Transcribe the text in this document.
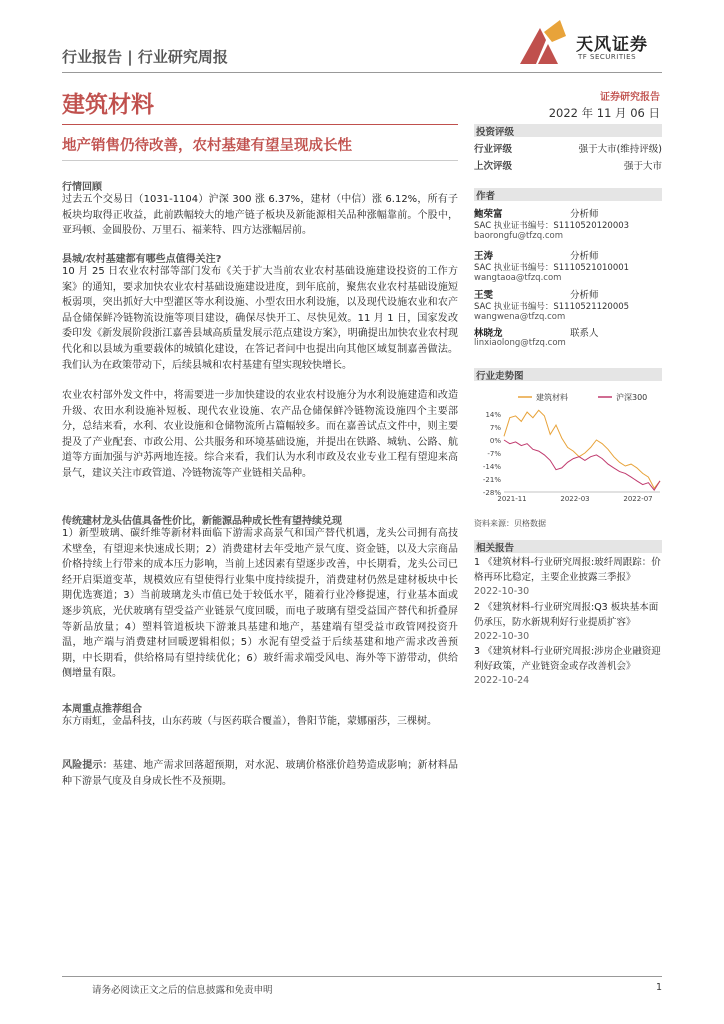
天风证券
TF SECURITIES
行业报告 | 行业研究周报
建筑材料	证券研究报告
2022 年 11 月 06 日
地产销售仍待改善，农村基建有望呈现成长性
投资评级
行业评级	强于大市(维持评级)
上次评级	强于大市
作者
鲍荣富	分析师
SAC 执业证书编号：S1110520120003
baorongfu@tfzq.com
王涛	分析师
SAC 执业证书编号：S1110521010001
wangtaoa@tfzq.com
王雯	分析师
SAC 执业证书编号：S1110521120005
wangwena@tfzq.com
林晓龙	联系人
linxiaolong@tfzq.com
行业走势图
建筑材料	沪深300
14%
7%
0%
-7%
-14%
-21%
-28%
2021-11	2022-03	2022-07
资料来源：贝格数据
相关报告
1 《建筑材料-行业研究周报:玻纤周跟踪：价格再环比稳定，主要企业披露三季报》 2022-10-30
2 《建筑材料-行业研究周报:Q3 板块基本面仍承压，防水新规利好行业提质扩容》 2022-10-30
3 《建筑材料-行业研究周报:涉房企业融资迎利好政策，产业链资金或存改善机会》 2022-10-24
行情回顾
过去五个交易日（1031-1104）沪深 300 涨 6.37%，建材（中信）涨 6.12%，所有子板块均取得正收益，此前跌幅较大的地产链子板块及新能源相关品种涨幅靠前。个股中，亚玛顿、金圆股份、万里石、福莱特、四方达涨幅居前。
县城/农村基建都有哪些点值得关注?
10 月 25 日农业农村部等部门发布《关于扩大当前农业农村基础设施建设投资的工作方案》的通知，要求加快农业农村基础设施建设进度，到年底前，聚焦农业农村基础设施短板弱项，突出抓好大中型灌区等水利设施、小型农田水利设施，以及现代设施农业和农产品仓储保鲜冷链物流设施等项目建设，确保尽快开工、尽快见效。11 月 1 日，国家发改委印发《新发展阶段浙江嘉善县域高质量发展示范点建设方案》，明确提出加快农业农村现代化和以县域为重要载体的城镇化建设，在答记者问中也提出向其他区域复制嘉善做法。我们认为在政策带动下，后续县城和农村基建有望实现较快增长。
农业农村部外发文件中，将需要进一步加快建设的农业农村设施分为水利设施建造和改造升级、农田水利设施补短板、现代农业设施、农产品仓储保鲜冷链物流设施四个主要部分，总结来看，水利、农业设施和仓储物流所占篇幅较多。而在嘉善试点文件中，则主要提及了产业配套、市政公用、公共服务和环境基础设施，并提出在铁路、城轨、公路、航道等方面加强与沪苏两地连接。综合来看，我们认为水利市政及农业专业工程有望迎来高景气，建议关注市政管道、冷链物流等产业链相关品种。
传统建材龙头估值具备性价比，新能源品种成长性有望持续兑现
1）新型玻璃、碳纤维等新材料面临下游需求高景气和国产替代机遇，龙头公司拥有高技术壁垒，有望迎来快速成长期；2）消费建材去年受地产景气度、资金链，以及大宗商品价格持续上行带来的成本压力影响，当前上述因素有望逐步改善，中长期看，龙头公司已经开启渠道变革，规模效应有望使得行业集中度持续提升，消费建材仍然是建材板块中长期优选赛道；3）当前玻璃龙头市值已处于较低水平，随着行业冷修提速，行业基本面或逐步筑底，光伏玻璃有望受益产业链景气度回暖，而电子玻璃有望受益国产替代和折叠屏等新品放量；4）塑料管道板块下游兼具基建和地产，基建端有望受益市政管网投资升温，地产端与消费建材回暖逻辑相似；5）水泥有望受益于后续基建和地产需求改善预期，中长期看，供给格局有望持续优化；6）玻纤需求端受风电、海外等下游带动，供给侧增量有限。
本周重点推荐组合
东方雨虹，金晶科技，山东药玻（与医药联合覆盖），鲁阳节能，蒙娜丽莎，三棵树。
风险提示：基建、地产需求回落超预期，对水泥、玻璃价格涨价趋势造成影响；新材料品种下游景气度及自身成长性不及预期。
请务必阅读正文之后的信息披露和免责申明	1
